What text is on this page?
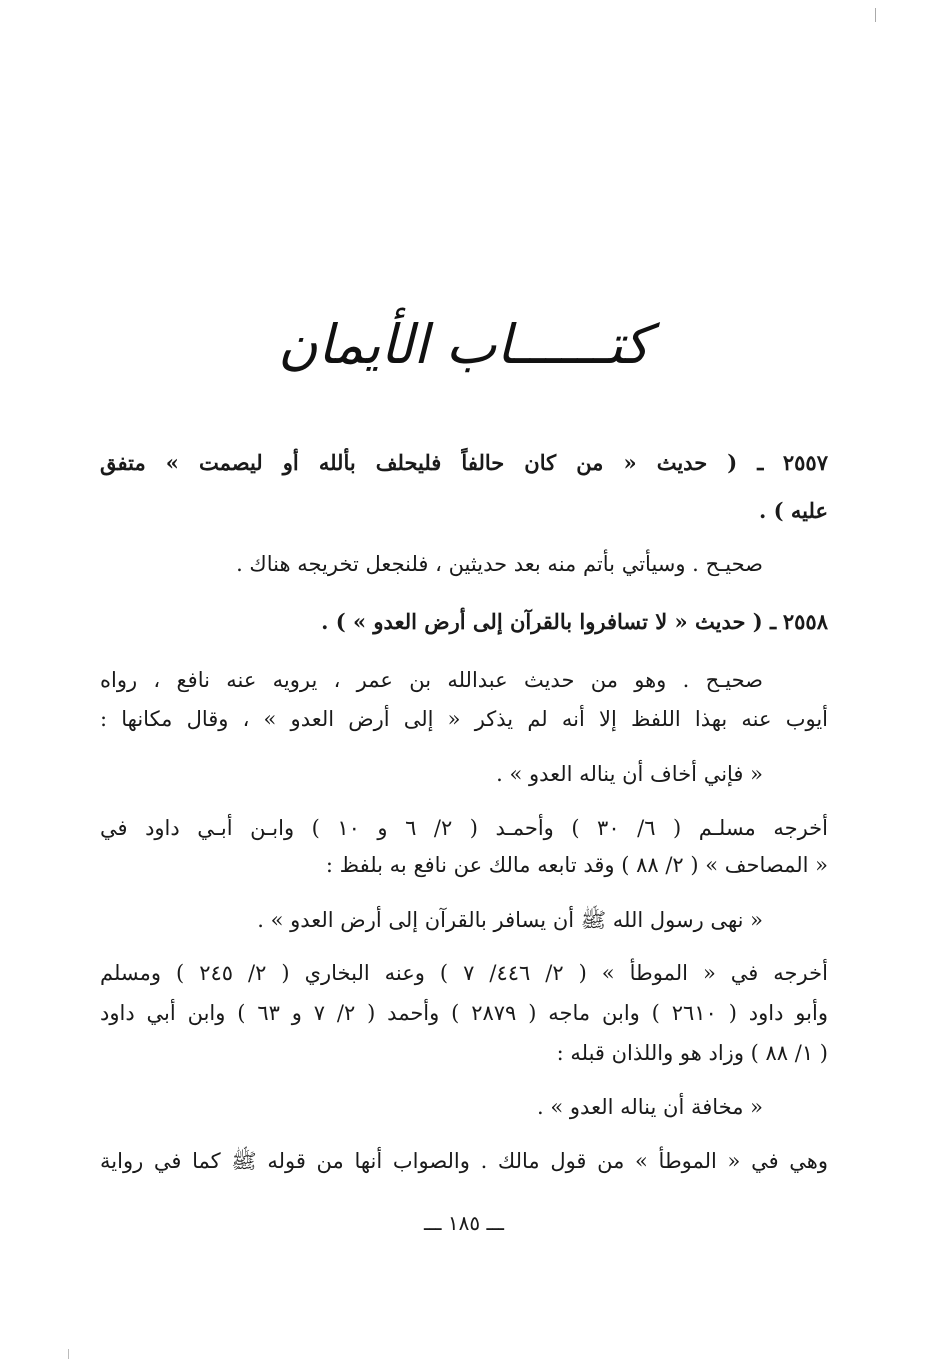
كتــــــاب الأيمان
٢٥٥٧ ـ ( حديث « من كان حالفاً فليحلف بألله أو ليصمت » متفق
عليه ) .
صحيـح . وسيأتي بأتم منه بعد حديثين ، فلنجعل تخريجه هناك .
٢٥٥٨ ـ ( حديث « لا تسافروا بالقرآن إلى أرض العدو » ) .
صحيـح . وهو من حديث عبدالله بن عمر ، يرويه عنه نافع ، رواه
أيوب عنه بهذا اللفظ إلا أنه لم يذكر « إلى أرض العدو » ، وقال مكانها :
« فإني أخاف أن يناله العدو » .
أخرجه مسلـم ( ٦/ ٣٠ ) وأحمـد ( ٢/ ٦ و ١٠ ) وابـن أبـي داود في
« المصاحف » ( ٢/ ٨٨ ) وقد تابعه مالك عن نافع به بلفظ :
« نهى رسول الله ﷺ أن يسافر بالقرآن إلى أرض العدو » .
أخرجه في « الموطأ » ( ٢/ ٤٤٦/ ٧ ) وعنه البخاري ( ٢/ ٢٤٥ ) ومسلم
وأبو داود ( ٢٦١٠ ) وابن ماجه ( ٢٨٧٩ ) وأحمد ( ٢/ ٧ و ٦٣ ) وابن أبي داود
( ١/ ٨٨ ) وزاد هو واللذان قبله :
« مخافة أن يناله العدو » .
وهي في « الموطأ » من قول مالك . والصواب أنها من قوله ﷺ كما في رواية
ـــ ١٨٥ ـــ
